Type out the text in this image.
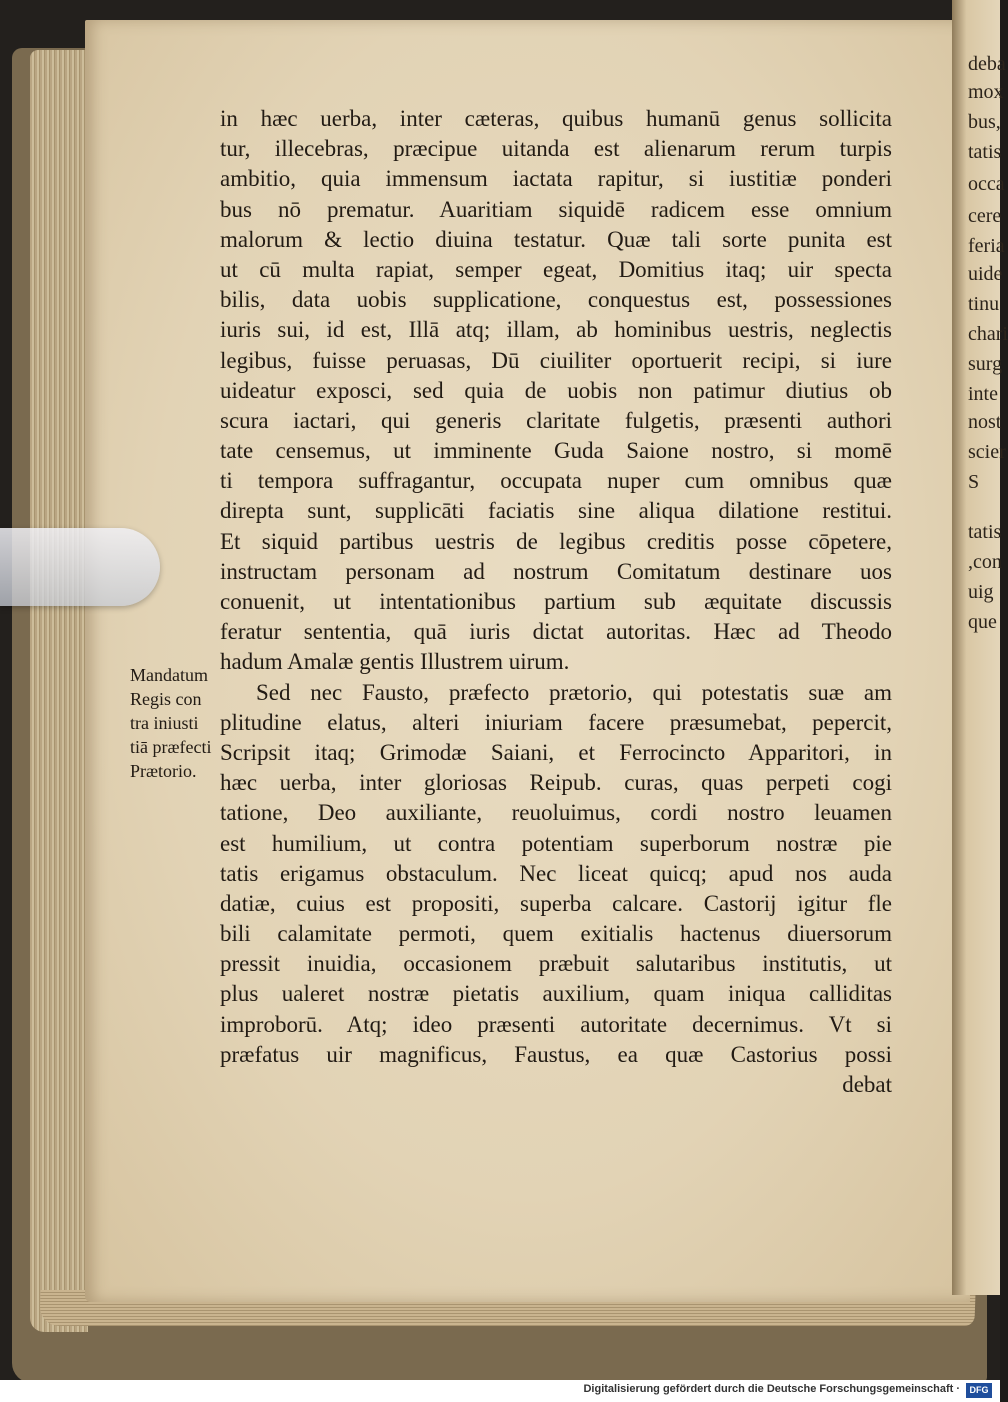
deba
mox
bus,
tatis
occa
cere
feria
uide
tinu
chari
surg
inte
nost
scier
S
tatis
,con
uig
que
Mandatum
Regis con
tra iniusti
tiā præfecti
Prætorio.
in hæc uerba, inter cæteras, quibus humanū genus sollicita
tur, illecebras, præcipue uitanda est alienarum rerum turpis
ambitio, quia immensum iactata rapitur, si iustitiæ ponderi
bus nō prematur. Auaritiam siquidē radicem esse omnium
malorum & lectio diuina testatur. Quæ tali sorte punita est
ut cū multa rapiat, semper egeat, Domitius itaq; uir specta
bilis, data uobis supplicatione, conquestus est, possessiones
iuris sui, id est, Illā atq; illam, ab hominibus uestris, neglectis
legibus, fuisse peruasas, Dū ciuiliter oportuerit recipi, si iure
uideatur exposci, sed quia de uobis non patimur diutius ob
scura iactari, qui generis claritate fulgetis, præsenti authori
tate censemus, ut imminente Guda Saione nostro, si momē
ti tempora suffragantur, occupata nuper cum omnibus quæ
direpta sunt, supplicāti faciatis sine aliqua dilatione restitui.
Et siquid partibus uestris de legibus creditis posse cōpetere,
instructam personam ad nostrum Comitatum destinare uos
conuenit, ut intentationibus partium sub æquitate discussis
feratur sententia, quā iuris dictat autoritas. Hæc ad Theodo
hadum Amalæ gentis Illustrem uirum.
Sed nec Fausto, præfecto prætorio, qui potestatis suæ am
plitudine elatus, alteri iniuriam facere præsumebat, pepercit,
Scripsit itaq; Grimodæ Saiani, et Ferrocincto Apparitori, in
hæc uerba, inter gloriosas Reipub. curas, quas perpeti cogi
tatione, Deo auxiliante, reuoluimus, cordi nostro leuamen
est humilium, ut contra potentiam superborum nostræ pie
tatis erigamus obstaculum. Nec liceat quicq; apud nos auda
datiæ, cuius est propositi, superba calcare. Castorij igitur fle
bili calamitate permoti, quem exitialis hactenus diuersorum
pressit inuidia, occasionem præbuit salutaribus institutis, ut
plus ualeret nostræ pietatis auxilium, quam iniqua calliditas
improborū. Atq; ideo præsenti autoritate decernimus. Vt si
præfatus uir magnificus, Faustus, ea quæ Castorius possi
debat
Digitalisierung gefördert durch die Deutsche Forschungsgemeinschaft ·	DFG
